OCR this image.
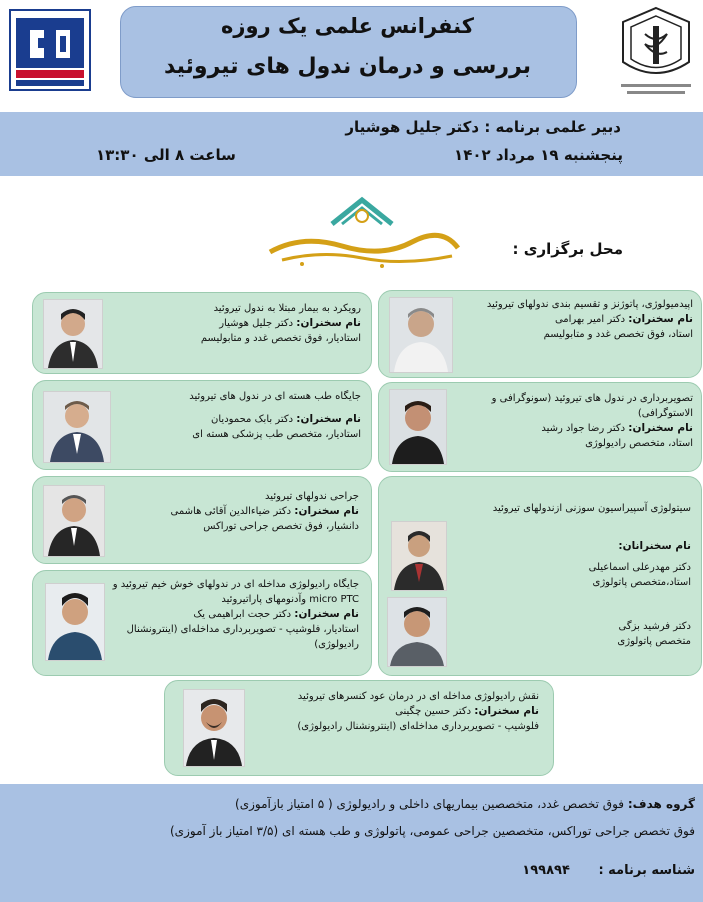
کنفرانس علمی یک روزه
بررسی و درمان ندول های تیروئید
دبیر علمی برنامه : دکتر جلیل هوشیار
پنجشنبه ۱۹ مرداد ۱۴۰۲
ساعت ۸ الی ۱۳:۳۰
محل برگزاری :
اپیدمیولوژی، پاتوژنز و تقسیم بندی ندولهای تیروئید
نام سخنران: دکتر امیر بهرامی
استاد، فوق تخصص غدد و متابولیسم
رویکرد به بیمار مبتلا به ندول تیروئید
نام سخنران: دکتر جلیل هوشیار
استادیار، فوق تخصص غدد و متابولیسم
تصویربرداری در ندول های تیروئید (سونوگرافی و الاستوگرافی)
نام سخنران: دکتر رضا جواد رشید
استاد، متخصص رادیولوژی
جایگاه طب هسته ای در ندول های تیروئید
نام سخنران: دکتر بابک محمودیان
استادیار، متخصص طب پزشکی هسته ای
سیتولوژی آسپیراسیون سوزنی ازندولهای تیروئید
نام سخنرانان:
دکتر مهدرعلی اسماعیلی
استاد،متخصص پاتولوژی
دکتر فرشید بزگی
متخصص پاتولوژی
جراحی ندولهای تیروئید
نام سخنران: دکتر ضیاءالدین آقائی هاشمی
دانشیار، فوق تخصص جراحی توراکس
جایگاه رادیولوژی مداخله ای در ندولهای خوش خیم تیروئید و micro PTC وآدنومهای پاراتیروئید
نام سخنران: دکتر حجت ابراهیمی یک
استادیار، فلوشیپ - تصویربرداری مداخله‌ای (اینترونشنال رادیولوژی)
نقش رادیولوژی مداخله ای در درمان عود کنسرهای تیروئید
نام سخنران: دکتر حسین چگینی
فلوشیپ - تصویربرداری مداخله‌ای (اینترونشنال رادیولوژی)
گروه هدف: فوق تخصص غدد، متخصصین بیماریهای داخلی و رادیولوژی ( ۵ امتیاز بازآموزی)
فوق تخصص جراحی توراکس، متخصصین جراحی عمومی، پاتولوژی و طب هسته ای (۳/۵ امتیاز باز آموزی)
شناسه برنامه : ۱۹۹۸۹۴
